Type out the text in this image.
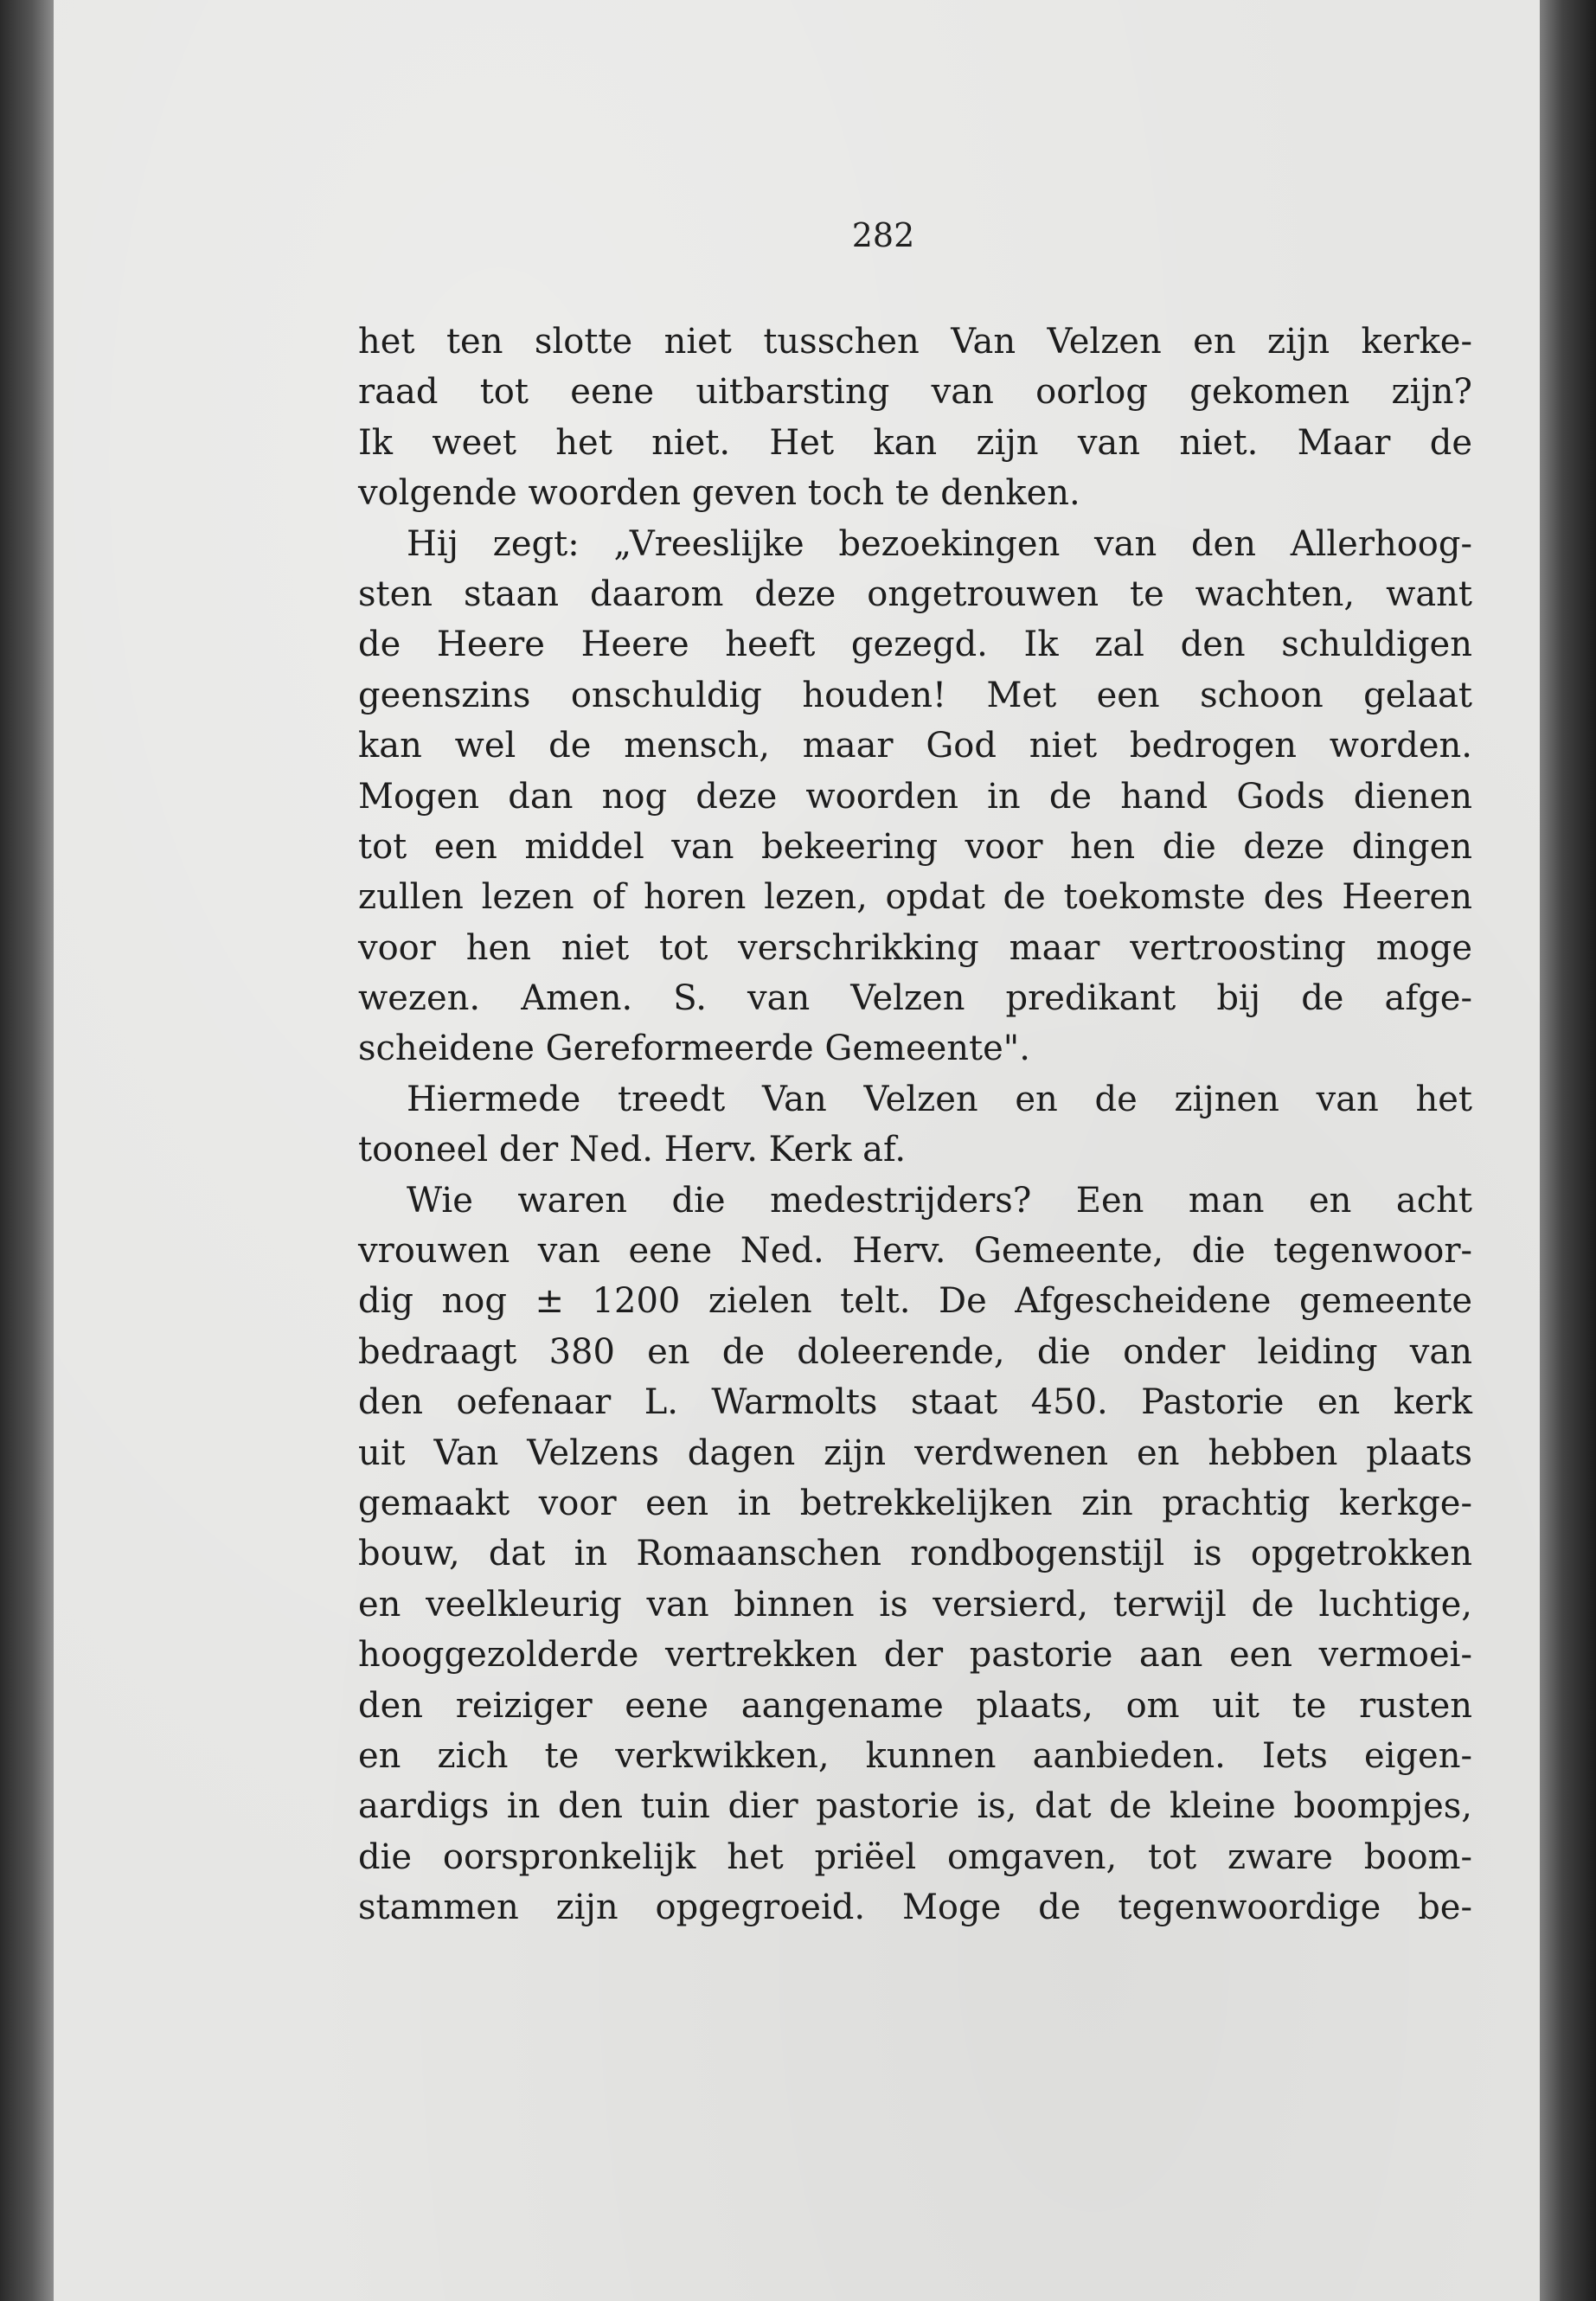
282
het ten slotte niet tusschen Van Velzen en zijn kerke-
raad tot eene uitbarsting van oorlog gekomen zijn?
Ik weet het niet. Het kan zijn van niet. Maar de
volgende woorden geven toch te denken.
Hij zegt: „Vreeslijke bezoekingen van den Allerhoog-
sten staan daarom deze ongetrouwen te wachten, want
de Heere Heere heeft gezegd. Ik zal den schuldigen
geenszins onschuldig houden! Met een schoon gelaat
kan wel de mensch, maar God niet bedrogen worden.
Mogen dan nog deze woorden in de hand Gods dienen
tot een middel van bekeering voor hen die deze dingen
zullen lezen of horen lezen, opdat de toekomste des Heeren
voor hen niet tot verschrikking maar vertroosting moge
wezen. Amen. S. van Velzen predikant bij de afge-
scheidene Gereformeerde Gemeente".
Hiermede treedt Van Velzen en de zijnen van het
tooneel der Ned. Herv. Kerk af.
Wie waren die medestrijders? Een man en acht
vrouwen van eene Ned. Herv. Gemeente, die tegenwoor-
dig nog ± 1200 zielen telt. De Afgescheidene gemeente
bedraagt 380 en de doleerende, die onder leiding van
den oefenaar L. Warmolts staat 450. Pastorie en kerk
uit Van Velzens dagen zijn verdwenen en hebben plaats
gemaakt voor een in betrekkelijken zin prachtig kerkge-
bouw, dat in Romaanschen rondbogenstijl is opgetrokken
en veelkleurig van binnen is versierd, terwijl de luchtige,
hooggezolderde vertrekken der pastorie aan een vermoei-
den reiziger eene aangename plaats, om uit te rusten
en zich te verkwikken, kunnen aanbieden. Iets eigen-
aardigs in den tuin dier pastorie is, dat de kleine boompjes,
die oorspronkelijk het priëel omgaven, tot zware boom-
stammen zijn opgegroeid. Moge de tegenwoordige be-
